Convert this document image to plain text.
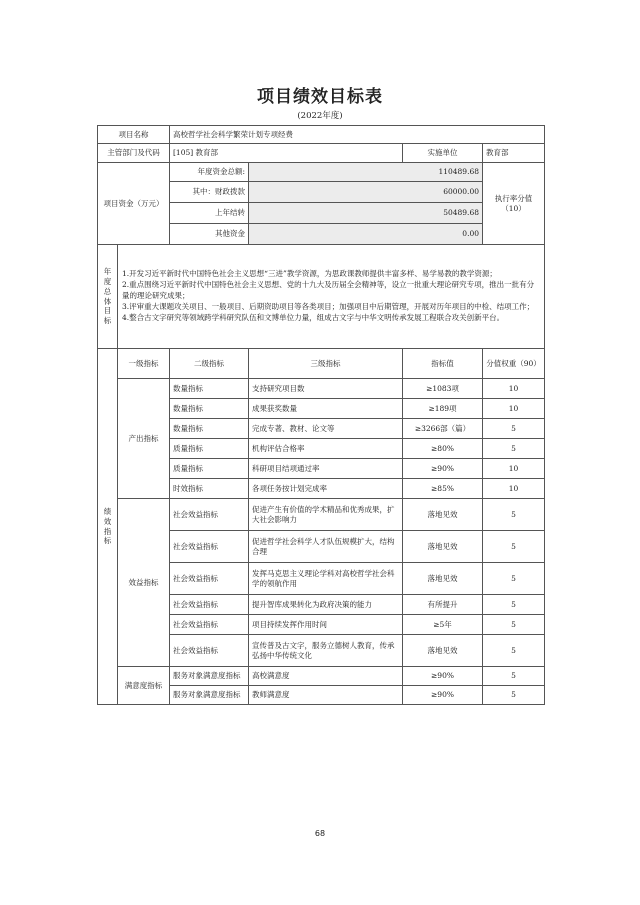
项目绩效目标表
(2022年度)
项目名称		高校哲学社会科学繁荣计划专项经费			
主管部门及代码		[105] 教育部		实施单位	教育部
项目资金（万元）		年度资金总额:	110489.68		执行率分值（10）
		其中：财政拨款	60000.00		
		上年结转	50489.68		
		其他资金	0.00		
年度总体目标	1.开发习近平新时代中国特色社会主义思想“三进”教学资源，为思政课教师提供丰富多样、易学易教的教学资源；
2.重点围绕习近平新时代中国特色社会主义思想、党的十九大及历届全会精神等，设立一批重大理论研究专项，推出一批有分量的理论研究成果；
3.评审重大课题攻关项目、一般项目、后期资助项目等各类项目；加强项目中后期管理，开展对历年项目的中检、结项工作；
4.整合古文字研究等领域跨学科研究队伍和文博单位力量，组成古文字与中华文明传承发展工程联合攻关创新平台。				

绩效指标	一级指标	二级指标	三级指标	指标值	分值权重（90）
	产出指标	数量指标	支持研究项目数	≥1083项	10
		数量指标	成果获奖数量	≥189项	10
		数量指标	完成专著、教材、论文等	≥3266部（篇）	5
		质量指标	机构评估合格率	≥80%	5
		质量指标	科研项目结项通过率	≥90%	10
		时效指标	各项任务按计划完成率	≥85%	10
	效益指标	社会效益指标	促进产生有价值的学术精品和优秀成果，扩大社会影响力	落地见效	5
		社会效益指标	促进哲学社会科学人才队伍规模扩大，结构合理	落地见效	5
		社会效益指标	发挥马克思主义理论学科对高校哲学社会科学的领航作用	落地见效	5
		社会效益指标	提升智库成果转化为政府决策的能力	有所提升	5
		社会效益指标	项目持续发挥作用时间	≥5年	5
		社会效益指标	宣传普及古文字，服务立德树人教育，传承弘扬中华传统文化	落地见效	5
	满意度指标	服务对象满意度指标	高校满意度	≥90%	5
		服务对象满意度指标	教师满意度	≥90%	5
68
